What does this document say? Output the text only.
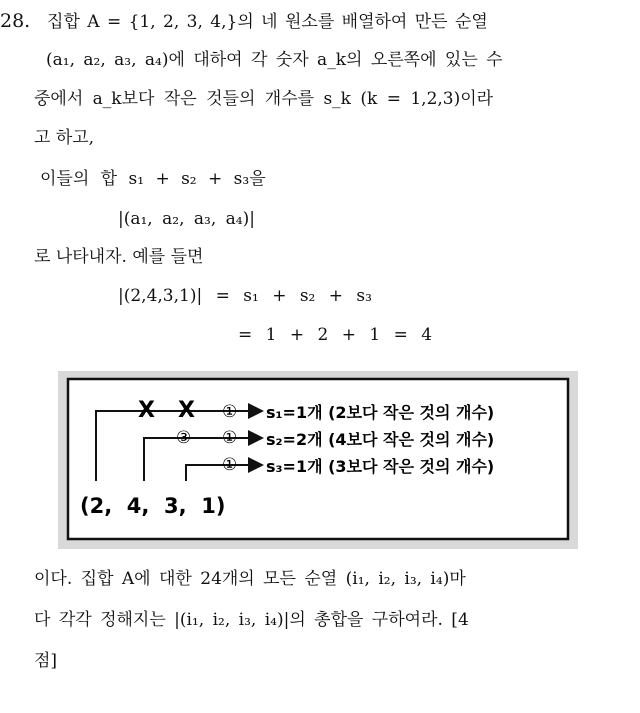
28. 집합 A = {1, 2, 3, 4,}의 네 원소를 배열하여 만든 순열
(a₁, a₂, a₃, a₄)에 대하여 각 숫자 a_k의 오른쪽에 있는 수
중에서 a_k보다 작은 것들의 개수를 s_k (k = 1,2,3)이라
고 하고,
이들의 합 s₁ + s₂ + s₃을
|(a₁, a₂, a₃, a₄)|
로 나타내자. 예를 들면
|(2,4,3,1)| = s₁ + s₂ + s₃
= 1 + 2 + 1 = 4
X X ①
③ ①
①
s₁=1개 (2보다 작은 것의 개수)
s₂=2개 (4보다 작은 것의 개수)
s₃=1개 (3보다 작은 것의 개수)
(2,  4,  3,  1)
이다. 집합 A에 대한 24개의 모든 순열 (i₁, i₂, i₃, i₄)마
다 각각 정해지는 |(i₁, i₂, i₃, i₄)|의 총합을 구하여라. [4
점]
